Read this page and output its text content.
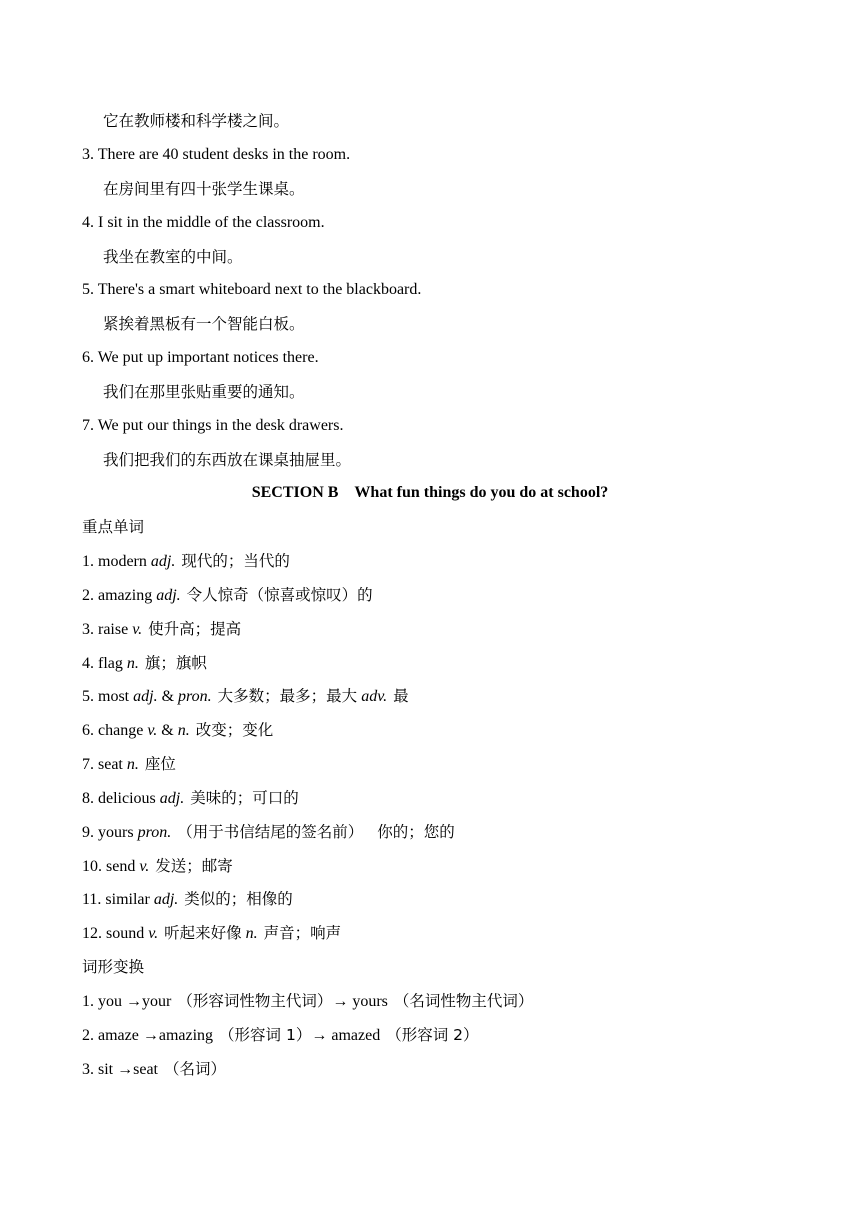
它在教师楼和科学楼之间。
3. There are 40 student desks in the room.
在房间里有四十张学生课桌。
4. I sit in the middle of the classroom.
我坐在教室的中间。
5. There's a smart whiteboard next to the blackboard.
紧挨着黑板有一个智能白板。
6. We put up important notices there.
我们在那里张贴重要的通知。
7. We put our things in the desk drawers.
我们把我们的东西放在课桌抽屉里。
SECTION B What fun things do you do at school?
重点单词
1. modern adj. 现代的；当代的
2. amazing adj. 令人惊奇（惊喜或惊叹）的
3. raise v. 使升高；提高
4. flag n. 旗；旗帜
5. most adj. & pron. 大多数；最多；最大 adv. 最
6. change v. & n. 改变；变化
7. seat n. 座位
8. delicious adj. 美味的；可口的
9. yours pron. （用于书信结尾的签名前） 你的；您的
10. send v. 发送；邮寄
11. similar adj. 类似的；相像的
12. sound v. 听起来好像 n. 声音；响声
词形变换
1. you →your （形容词性物主代词）→ yours （名词性物主代词）
2. amaze →amazing （形容词 1）→ amazed （形容词 2）
3. sit →seat （名词）
